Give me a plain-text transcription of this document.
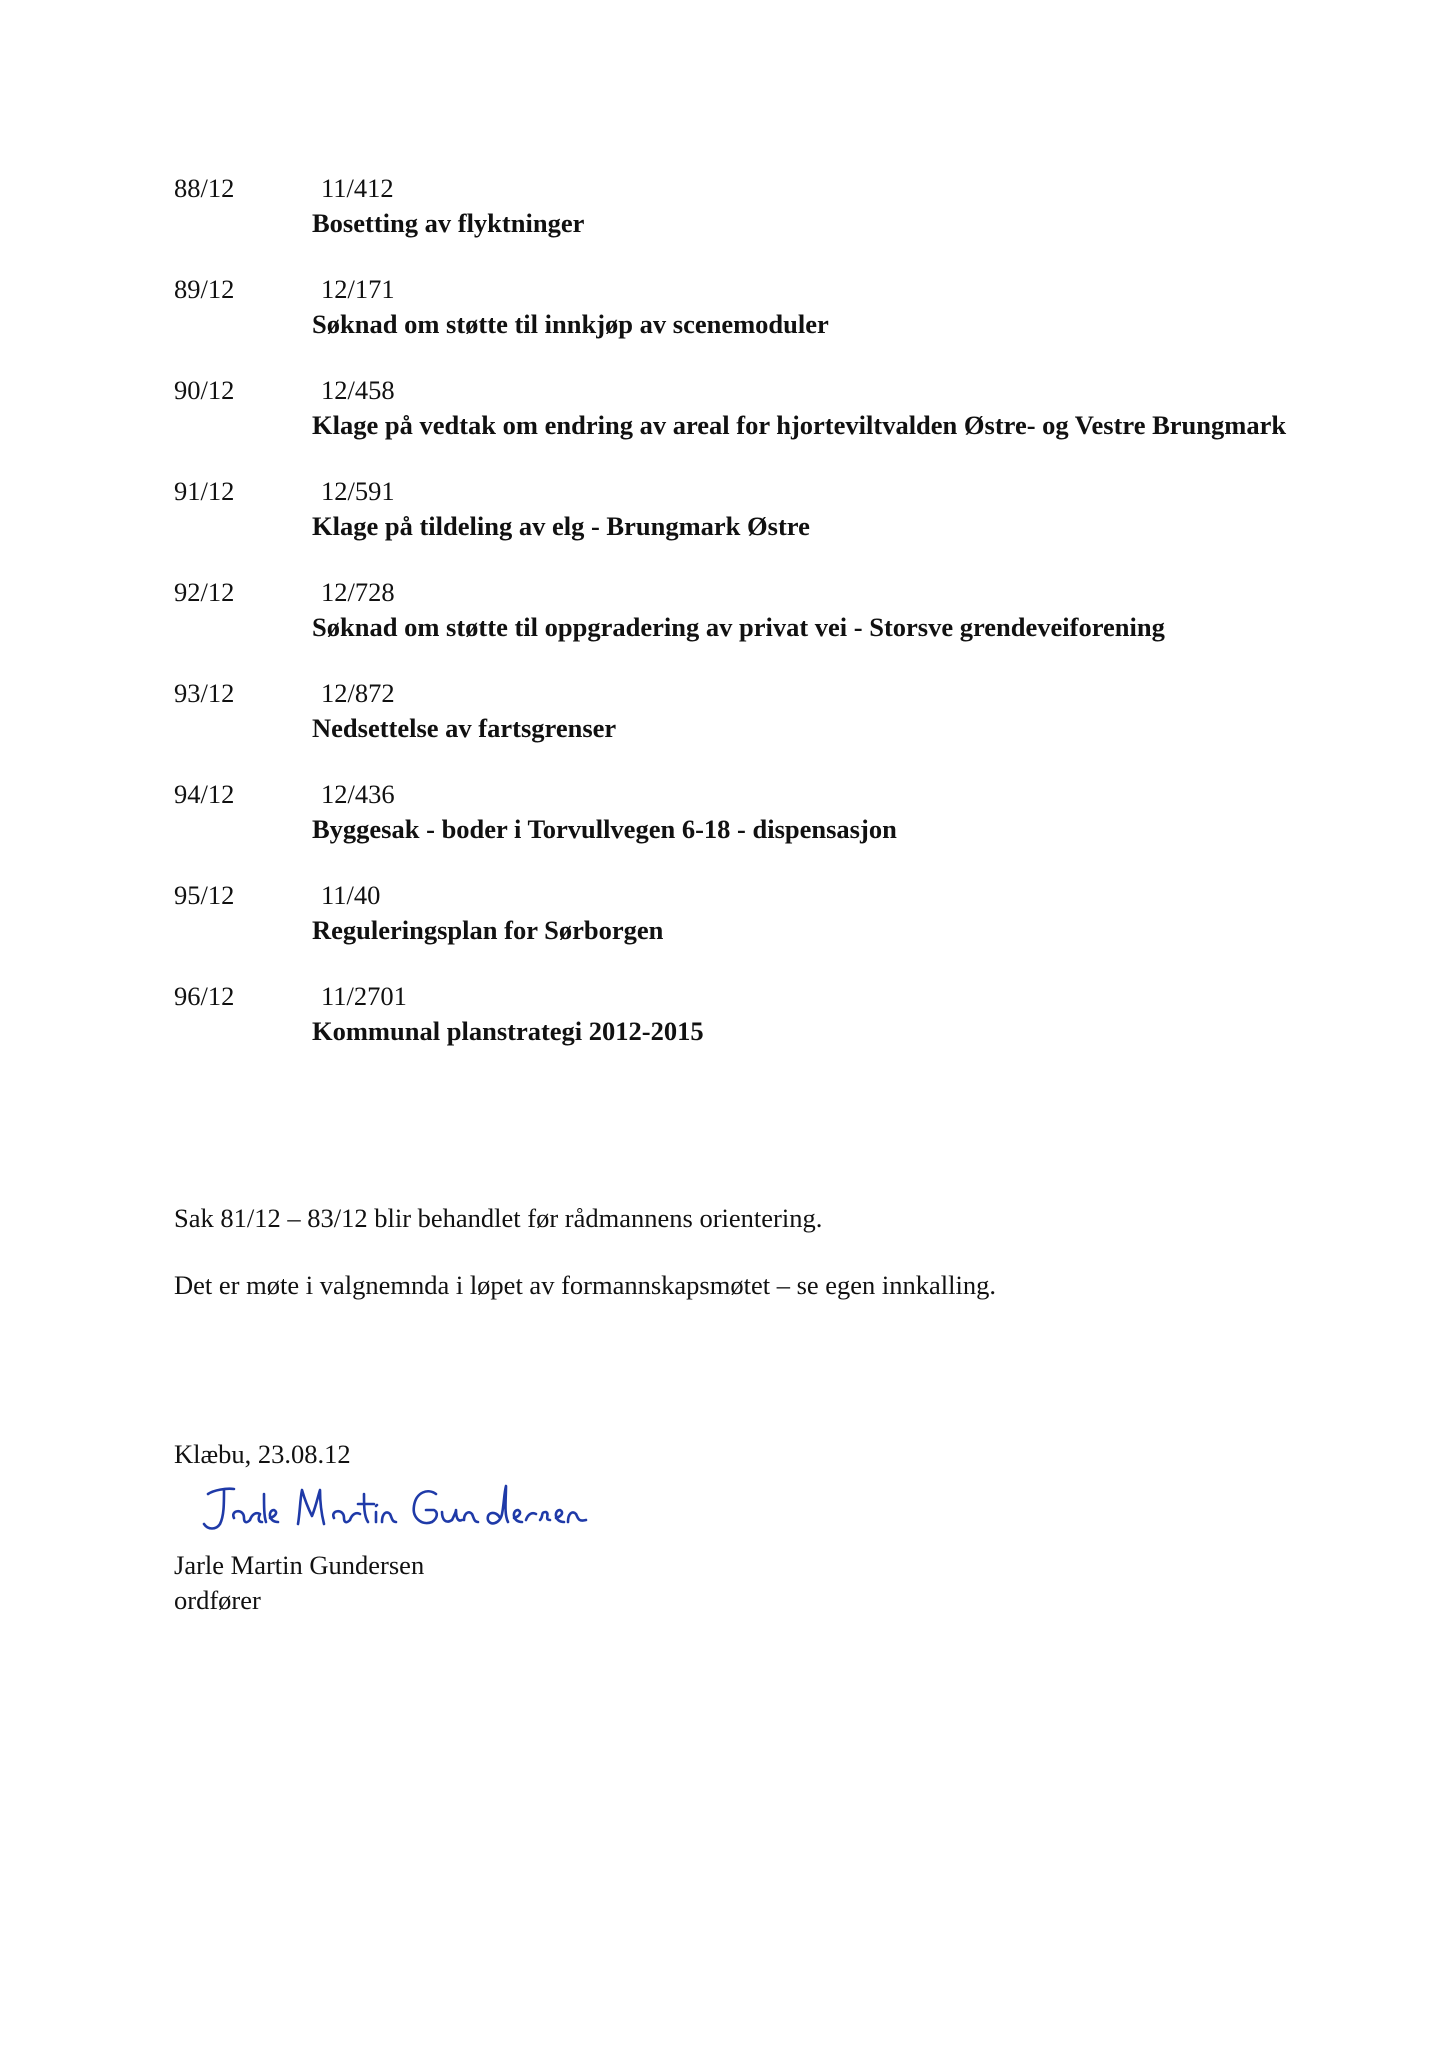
88/12	11/412
Bosetting av flyktninger
89/12	12/171
Søknad om støtte til innkjøp av scenemoduler
90/12	12/458
Klage på vedtak om endring av areal for hjorteviltvalden Østre- og Vestre Brungmark
91/12	12/591
Klage på tildeling av elg - Brungmark Østre
92/12	12/728
Søknad om støtte til oppgradering av privat vei - Storsve grendeveiforening
93/12	12/872
Nedsettelse av fartsgrenser
94/12	12/436
Byggesak - boder i Torvullvegen 6-18 - dispensasjon
95/12	11/40
Reguleringsplan for Sørborgen
96/12	11/2701
Kommunal planstrategi 2012-2015

Sak 81/12 – 83/12 blir behandlet før rådmannens orientering.

Det er møte i valgnemnda i løpet av formannskapsmøtet – se egen innkalling.

Klæbu, 23.08.12

Jarle Martin Gundersen

ordfører
